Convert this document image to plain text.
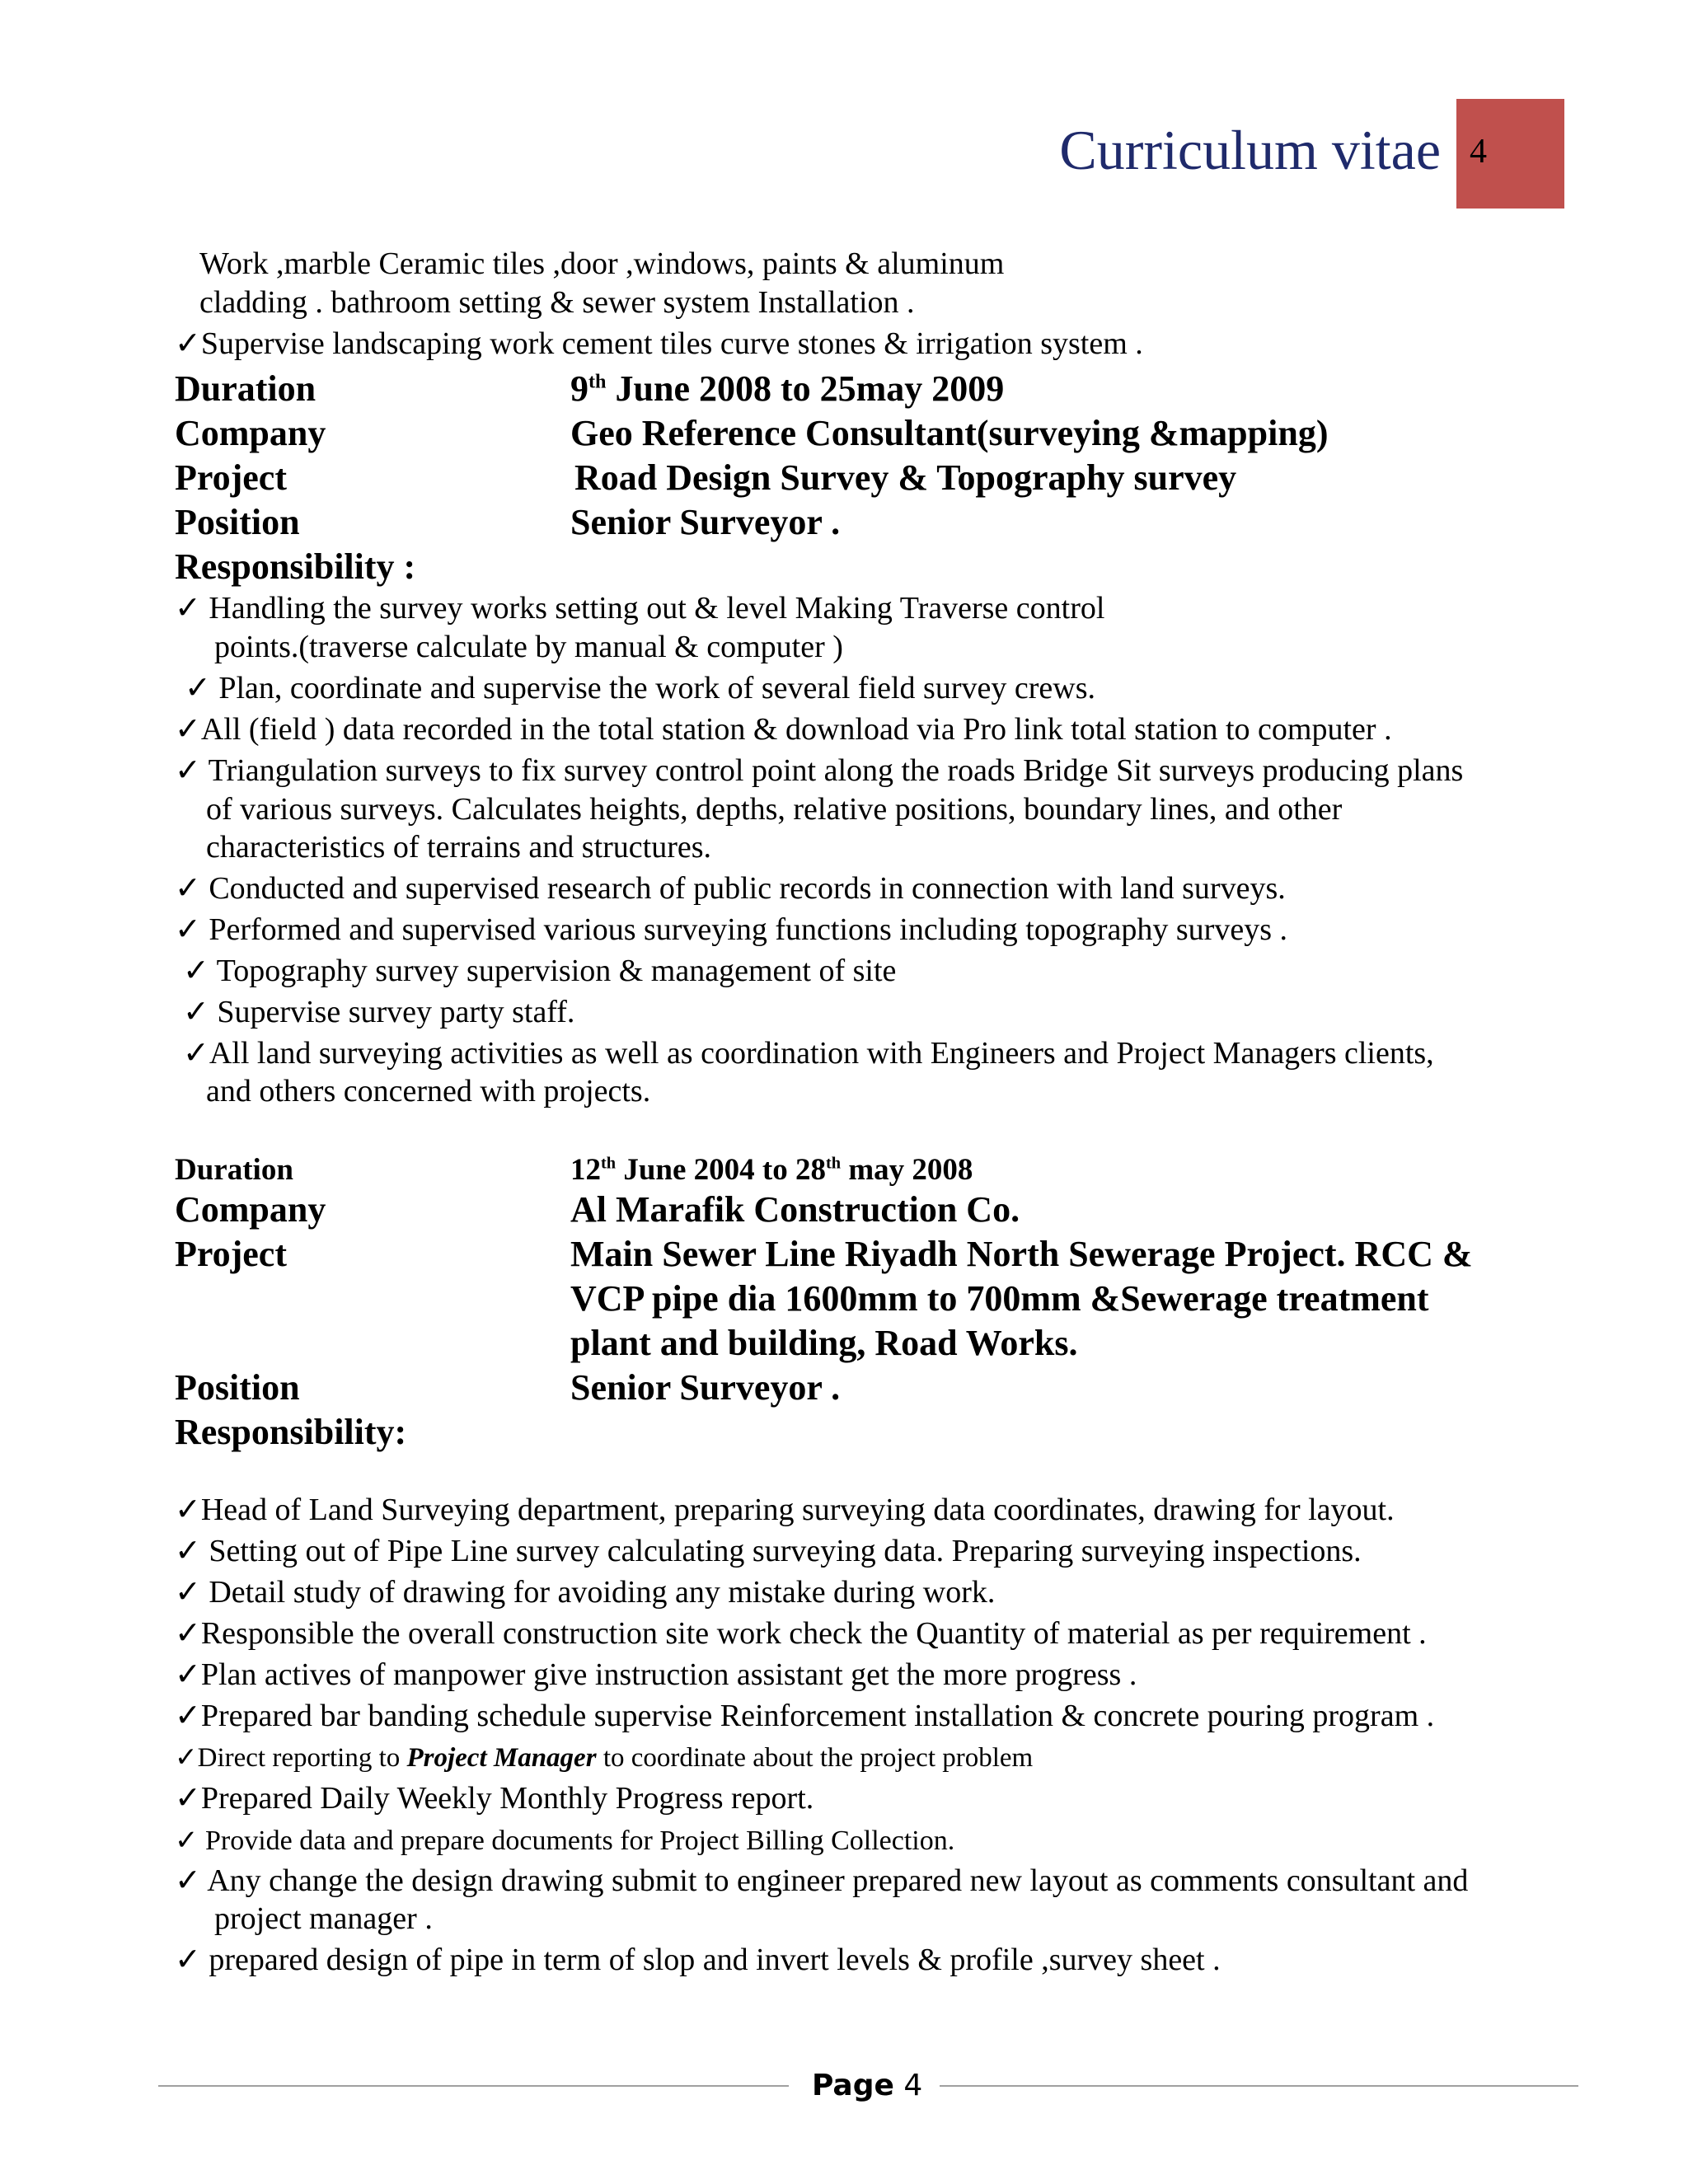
Curriculum vitae 4
Work ,marble Ceramic tiles ,door ,windows, paints & aluminum
cladding . bathroom setting & sewer system Installation .
✓Supervise landscaping work cement tiles curve stones & irrigation system .
Duration	9th June 2008 to 25may 2009
Company	Geo Reference Consultant(surveying &mapping)
Project	Road Design Survey & Topography survey
Position	Senior Surveyor .
Responsibility :
✓ Handling the survey works setting out & level Making Traverse control
points.(traverse calculate by manual & computer )
✓ Plan, coordinate and supervise the work of several field survey crews.
✓All (field ) data recorded in the total station & download via Pro link total station to computer .
✓ Triangulation surveys to fix survey control point along the roads Bridge Sit surveys producing plans
of various surveys. Calculates heights, depths, relative positions, boundary lines, and other
characteristics of terrains and structures.
✓ Conducted and supervised research of public records in connection with land surveys.
✓ Performed and supervised various surveying functions including topography surveys .
✓ Topography survey supervision & management of site
✓ Supervise survey party staff.
✓All land surveying activities as well as coordination with Engineers and Project Managers clients,
and others concerned with projects.
Duration	12th June 2004 to 28th may 2008
Company	Al Marafik Construction Co.
Project	Main Sewer Line Riyadh North Sewerage Project. RCC &
VCP pipe dia 1600mm to 700mm &Sewerage treatment
plant and building, Road Works.
Position	Senior Surveyor .
Responsibility:
✓Head of Land Surveying department, preparing surveying data coordinates, drawing for layout.
✓ Setting out of Pipe Line survey calculating surveying data. Preparing surveying inspections.
✓ Detail study of drawing for avoiding any mistake during work.
✓Responsible the overall construction site work check the Quantity of material as per requirement .
✓Plan actives of manpower give instruction assistant get the more progress .
✓Prepared bar banding schedule supervise Reinforcement installation & concrete pouring program .
✓Direct reporting to Project Manager to coordinate about the project problem
✓Prepared Daily Weekly Monthly Progress report.
✓ Provide data and prepare documents for Project Billing Collection.
✓ Any change the design drawing submit to engineer prepared new layout as comments consultant and
project manager .
✓ prepared design of pipe in term of slop and invert levels & profile ,survey sheet .
Page 4
